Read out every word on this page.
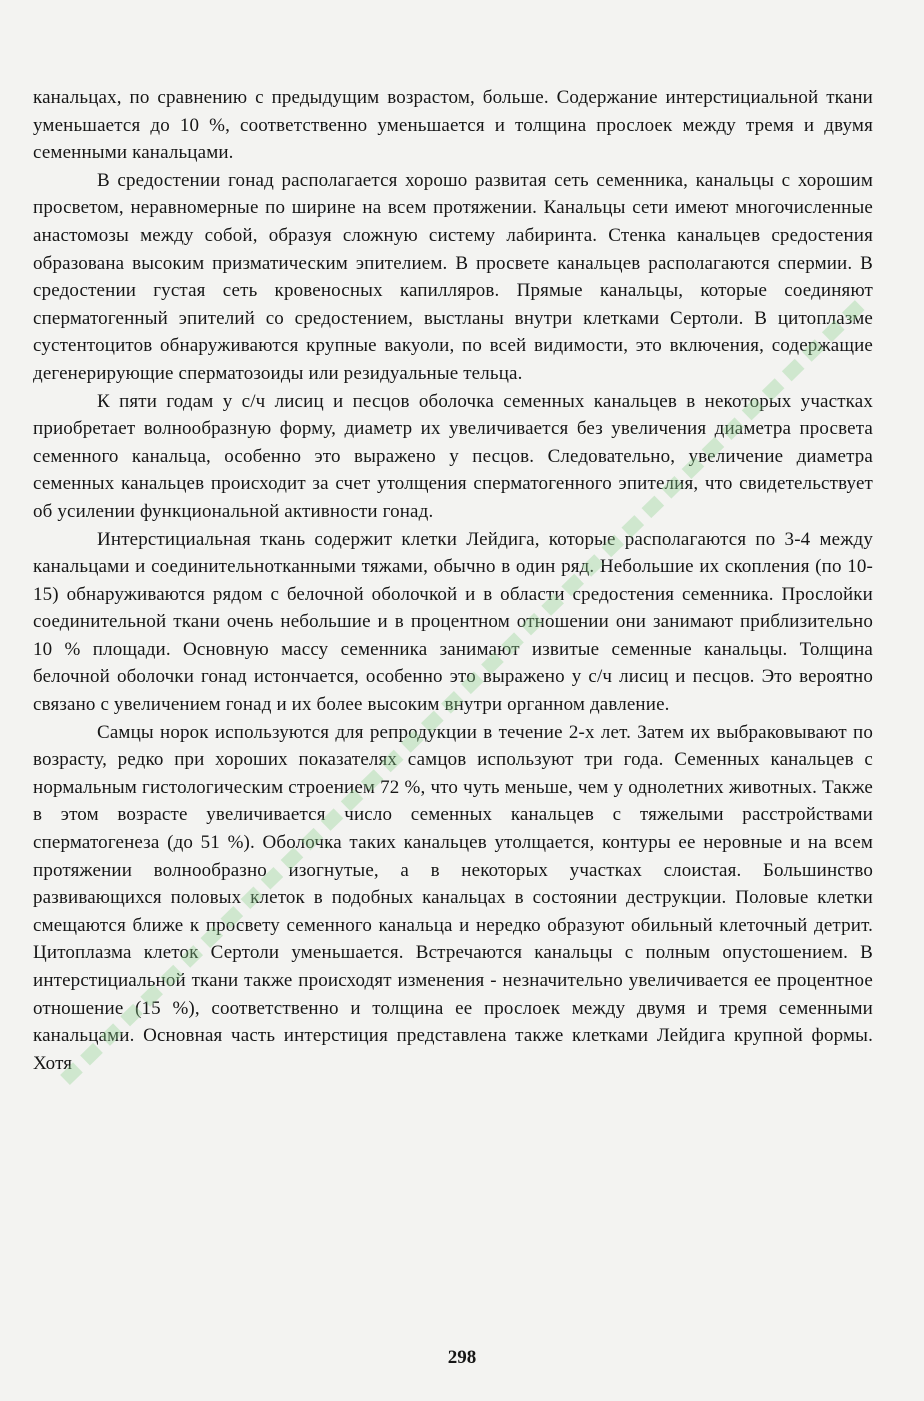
канальцах, по сравнению с предыдущим возрастом, больше. Содержание интерстициальной ткани уменьшается до 10 %, соответственно уменьшается и толщина прослоек между тремя и двумя семенными канальцами.

В средостении гонад располагается хорошо развитая сеть семенника, канальцы с хорошим просветом, неравномерные по ширине на всем протяжении. Канальцы сети имеют многочисленные анастомозы между собой, образуя сложную систему лабиринта. Стенка канальцев средостения образована высоким призматическим эпителием. В просвете канальцев располагаются спермии. В средостении густая сеть кровеносных капилляров. Прямые канальцы, которые соединяют сперматогенный эпителий со средостением, выстланы внутри клетками Сертоли. В цитоплазме сустентоцитов обнаруживаются крупные вакуоли, по всей видимости, это включения, содержащие дегенерирующие сперматозоиды или резидуальные тельца.

К пяти годам у с/ч лисиц и песцов оболочка семенных канальцев в некоторых участках приобретает волнообразную форму, диаметр их увеличивается без увеличения диаметра просвета семенного канальца, особенно это выражено у песцов. Следовательно, увеличение диаметра семенных канальцев происходит за счет утолщения сперматогенного эпителия, что свидетельствует об усилении функциональной активности гонад.

Интерстициальная ткань содержит клетки Лейдига, которые располагаются по 3-4 между канальцами и соединительнотканными тяжами, обычно в один ряд. Небольшие их скопления (по 10-15) обнаруживаются рядом с белочной оболочкой и в области средостения семенника. Прослойки соединительной ткани очень небольшие и в процентном отношении они занимают приблизительно 10 % площади. Основную массу семенника занимают извитые семенные канальцы. Толщина белочной оболочки гонад истончается, особенно это выражено у с/ч лисиц и песцов. Это вероятно связано с увеличением гонад и их более высоким внутри органном давление.

Самцы норок используются для репродукции в течение 2-х лет. Затем их выбраковывают по возрасту, редко при хороших показателях самцов используют три года. Семенных канальцев с нормальным гистологическим строением 72 %, что чуть меньше, чем у однолетних животных. Также в этом возрасте увеличивается число семенных канальцев с тяжелыми расстройствами сперматогенеза (до 51 %). Оболочка таких канальцев утолщается, контуры ее неровные и на всем протяжении волнообразно изогнутые, а в некоторых участках слоистая. Большинство развивающихся половых клеток в подобных канальцах в состоянии деструкции. Половые клетки смещаются ближе к просвету семенного канальца и нередко образуют обильный клеточный детрит. Цитоплазма клеток Сертоли уменьшается. Встречаются канальцы с полным опустошением. В интерстициальной ткани также происходят изменения - незначительно увеличивается ее процентное отношение (15 %), соответственно и толщина ее прослоек между двумя и тремя семенными канальцами. Основная часть интерстиция представлена также клетками Лейдига крупной формы. Хотя

298
